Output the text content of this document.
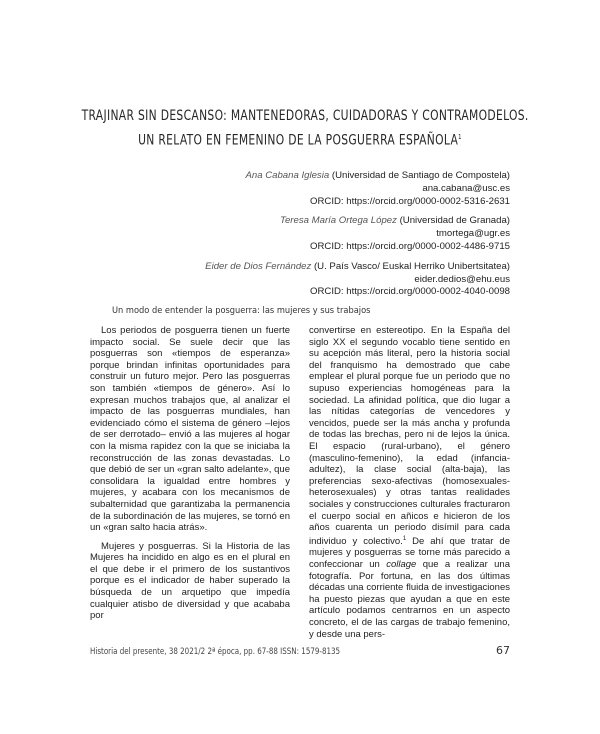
TRAJINAR SIN DESCANSO: MANTENEDORAS, CUIDADORAS Y CONTRAMODELOS.
UN RELATO EN FEMENINO DE LA POSGUERRA ESPAÑOLA$^1$
Ana Cabana Iglesia (Universidad de Santiago de Compostela)
ana.cabana@usc.es
ORCID: https://orcid.org/0000-0002-5316-2631
Teresa María Ortega López (Universidad de Granada)
tmortega@ugr.es
ORCID: https://orcid.org/0000-0002-4486-9715
Eider de Dios Fernández (U. País Vasco/ Euskal Herriko Unibertsitatea)
eider.dedios@ehu.eus
ORCID: https://orcid.org/0000-0002-4040-0098
Un modo de entender la posguerra: las mujeres y sus trabajos

Los periodos de posguerra tienen un fuerte impacto social. Se suele decir que las posguerras son «tiempos de esperanza» porque brindan infinitas oportunidades para construir un futuro mejor. Pero las posguerras son también «tiempos de género». Así lo expresan muchos trabajos que, al analizar el impacto de las posguerras mundiales, han evidenciado cómo el sistema de género –lejos de ser derrotado– envió a las mujeres al hogar con la misma rapidez con la que se iniciaba la reconstrucción de las zonas devastadas. Lo que debió de ser un «gran salto adelante», que consolidara la igualdad entre hombres y mujeres, y acabara con los mecanismos de subalternidad que garantizaba la permanencia de la subordinación de las mujeres, se tornó en un «gran salto hacia atrás».

Mujeres y posguerras. Si la Historia de las Mujeres ha incidido en algo es en el plural en el que debe ir el primero de los sustantivos porque es el indicador de haber superado la búsqueda de un arquetipo que impedía cualquier atisbo de diversidad y que acababa por

convertirse en estereotipo. En la España del siglo XX el segundo vocablo tiene sentido en su acepción más literal, pero la historia social del franquismo ha demostrado que cabe emplear el plural porque fue un periodo que no supuso experiencias homogéneas para la sociedad. La afinidad política, que dio lugar a las nítidas categorías de vencedores y vencidos, puede ser la más ancha y profunda de todas las brechas, pero ni de lejos la única. El espacio (rural-urbano), el género (masculino-femenino), la edad (infancia-adultez), la clase social (alta-baja), las preferencias sexo-afectivas (homosexuales-heterosexuales) y otras tantas realidades sociales y construcciones culturales fracturaron el cuerpo social en añicos e hicieron de los años cuarenta un periodo disímil para cada individuo y colectivo.$^1$ De ahí que tratar de mujeres y posguerras se torne más parecido a confeccionar un collage que a realizar una fotografía. Por fortuna, en las dos últimas décadas una corriente fluida de investigaciones ha puesto piezas que ayudan a que en este artículo podamos centrarnos en un aspecto concreto, el de las cargas de trabajo femenino, y desde una pers-

Historia del presente, 38 2021/2 2ª época, pp. 67-88 ISSN: 1579-8135	67
